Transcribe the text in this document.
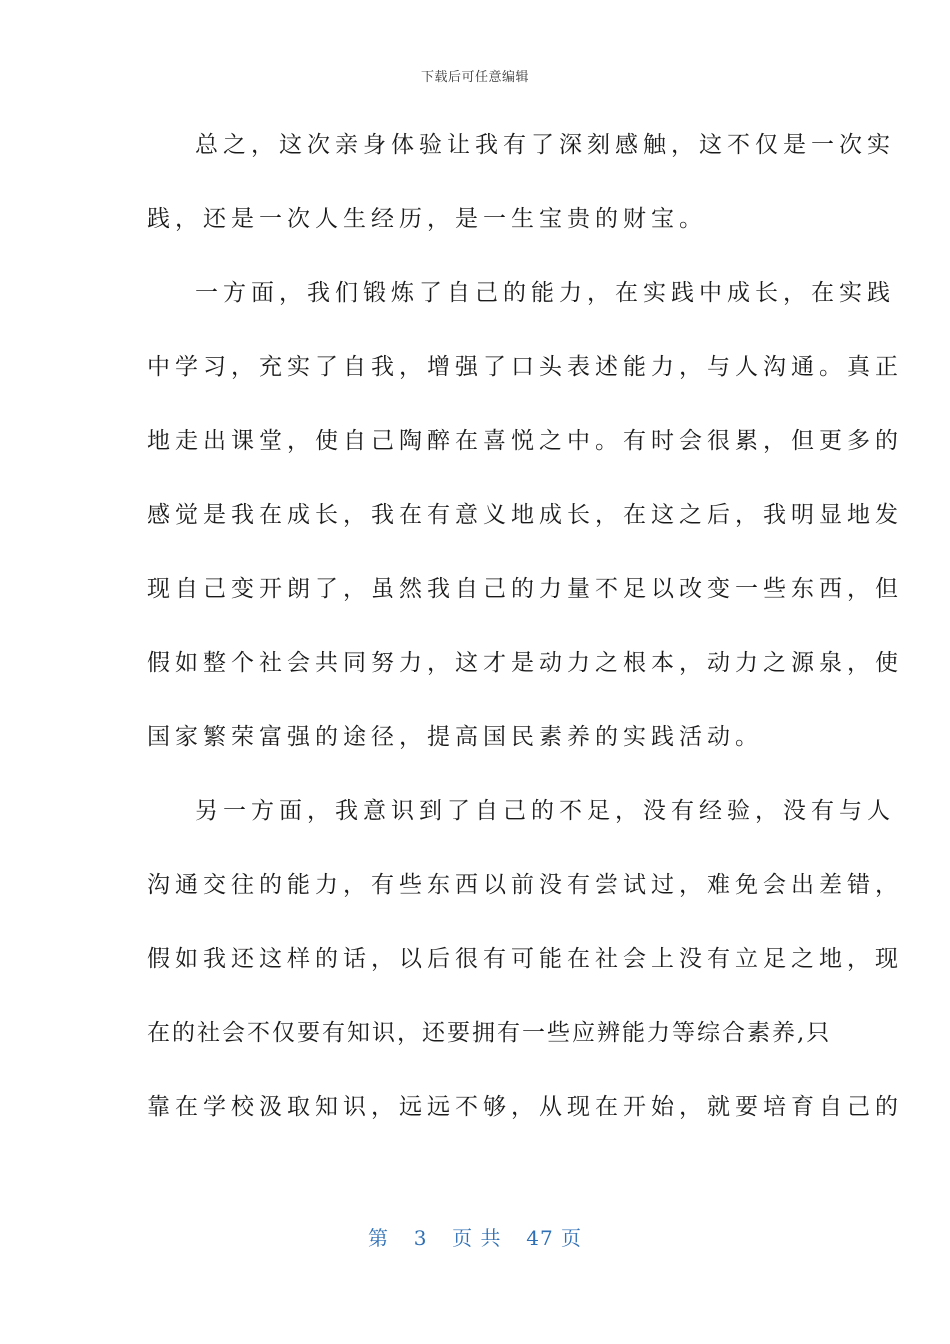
下载后可任意编辑
总之，这次亲身体验让我有了深刻感触，这不仅是一次实
践，还是一次人生经历，是一生宝贵的财宝。
一方面，我们锻炼了自己的能力，在实践中成长，在实践
中学习，充实了自我，增强了口头表述能力，与人沟通。真正
地走出课堂，使自己陶醉在喜悦之中。有时会很累，但更多的
感觉是我在成长，我在有意义地成长，在这之后，我明显地发
现自己变开朗了，虽然我自己的力量不足以改变一些东西，但
假如整个社会共同努力，这才是动力之根本，动力之源泉，使
国家繁荣富强的途径，提高国民素养的实践活动。
另一方面，我意识到了自己的不足，没有经验，没有与人
沟通交往的能力，有些东西以前没有尝试过，难免会出差错，
假如我还这样的话，以后很有可能在社会上没有立足之地，现
在的社会不仅要有知识，还要拥有一些应辨能力等综合素养,只
靠在学校汲取知识，远远不够，从现在开始，就要培育自己的
第 3 页 共 47 页
